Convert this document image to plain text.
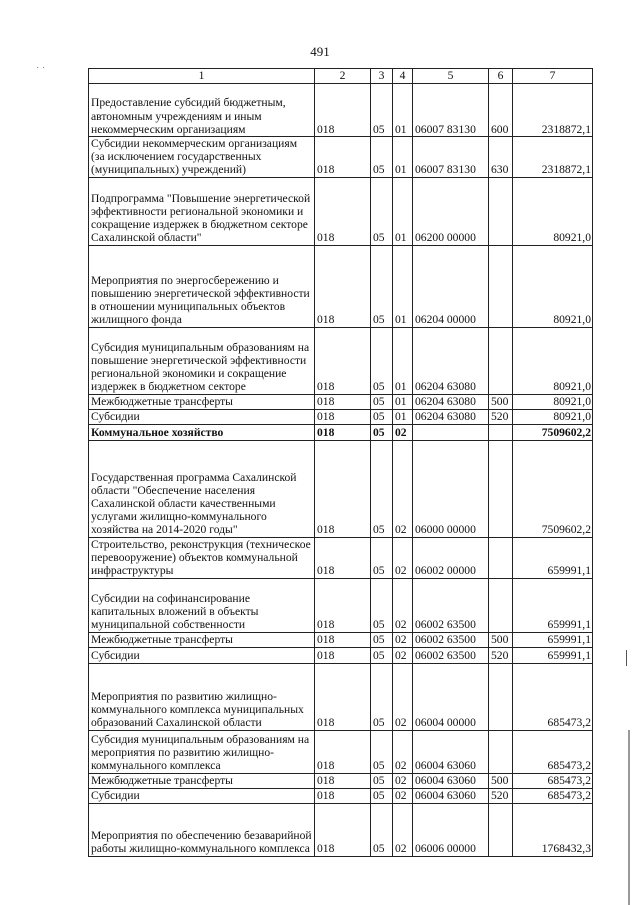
491
1	2	3	4	5	6	7
Предоставление субсидий бюджетным, автономным учреждениям и иным некоммерческим организациям	018	05	01	06007 83130	600	2318872,1
Субсидии некоммерческим организациям (за исключением государственных (муниципальных) учреждений)	018	05	01	06007 83130	630	2318872,1
Подпрограмма "Повышение энергетической эффективности региональной экономики и сокращение издержек в бюджетном секторе Сахалинской области"	018	05	01	06200 00000		80921,0
Мероприятия по энергосбережению и повышению энергетической эффективности в отношении муниципальных объектов жилищного фонда	018	05	01	06204 00000		80921,0
Субсидия муниципальным образованиям на повышение энергетической эффективности региональной экономики и сокращение издержек в бюджетном секторе	018	05	01	06204 63080		80921,0
Межбюджетные трансферты	018	05	01	06204 63080	500	80921,0
Субсидии	018	05	01	06204 63080	520	80921,0
Коммунальное хозяйство	018	05	02			7509602,2
Государственная программа Сахалинской области "Обеспечение населения Сахалинской области качественными услугами жилищно-коммунального хозяйства на 2014-2020 годы"	018	05	02	06000 00000		7509602,2
Строительство, реконструкция (техническое перевооружение) объектов коммунальной инфраструктуры	018	05	02	06002 00000		659991,1
Субсидии на софинансирование капитальных вложений в объекты муниципальной собственности	018	05	02	06002 63500		659991,1
Межбюджетные трансферты	018	05	02	06002 63500	500	659991,1
Субсидии	018	05	02	06002 63500	520	659991,1
Мероприятия по развитию жилищно-коммунального комплекса муниципальных образований Сахалинской области	018	05	02	06004 00000		685473,2
Субсидия муниципальным образованиям на мероприятия по развитию жилищно-коммунального комплекса	018	05	02	06004 63060		685473,2
Межбюджетные трансферты	018	05	02	06004 63060	500	685473,2
Субсидии	018	05	02	06004 63060	520	685473,2
Мероприятия по обеспечению безаварийной работы жилищно-коммунального комплекса	018	05	02	06006 00000		1768432,3
˙ ˙
